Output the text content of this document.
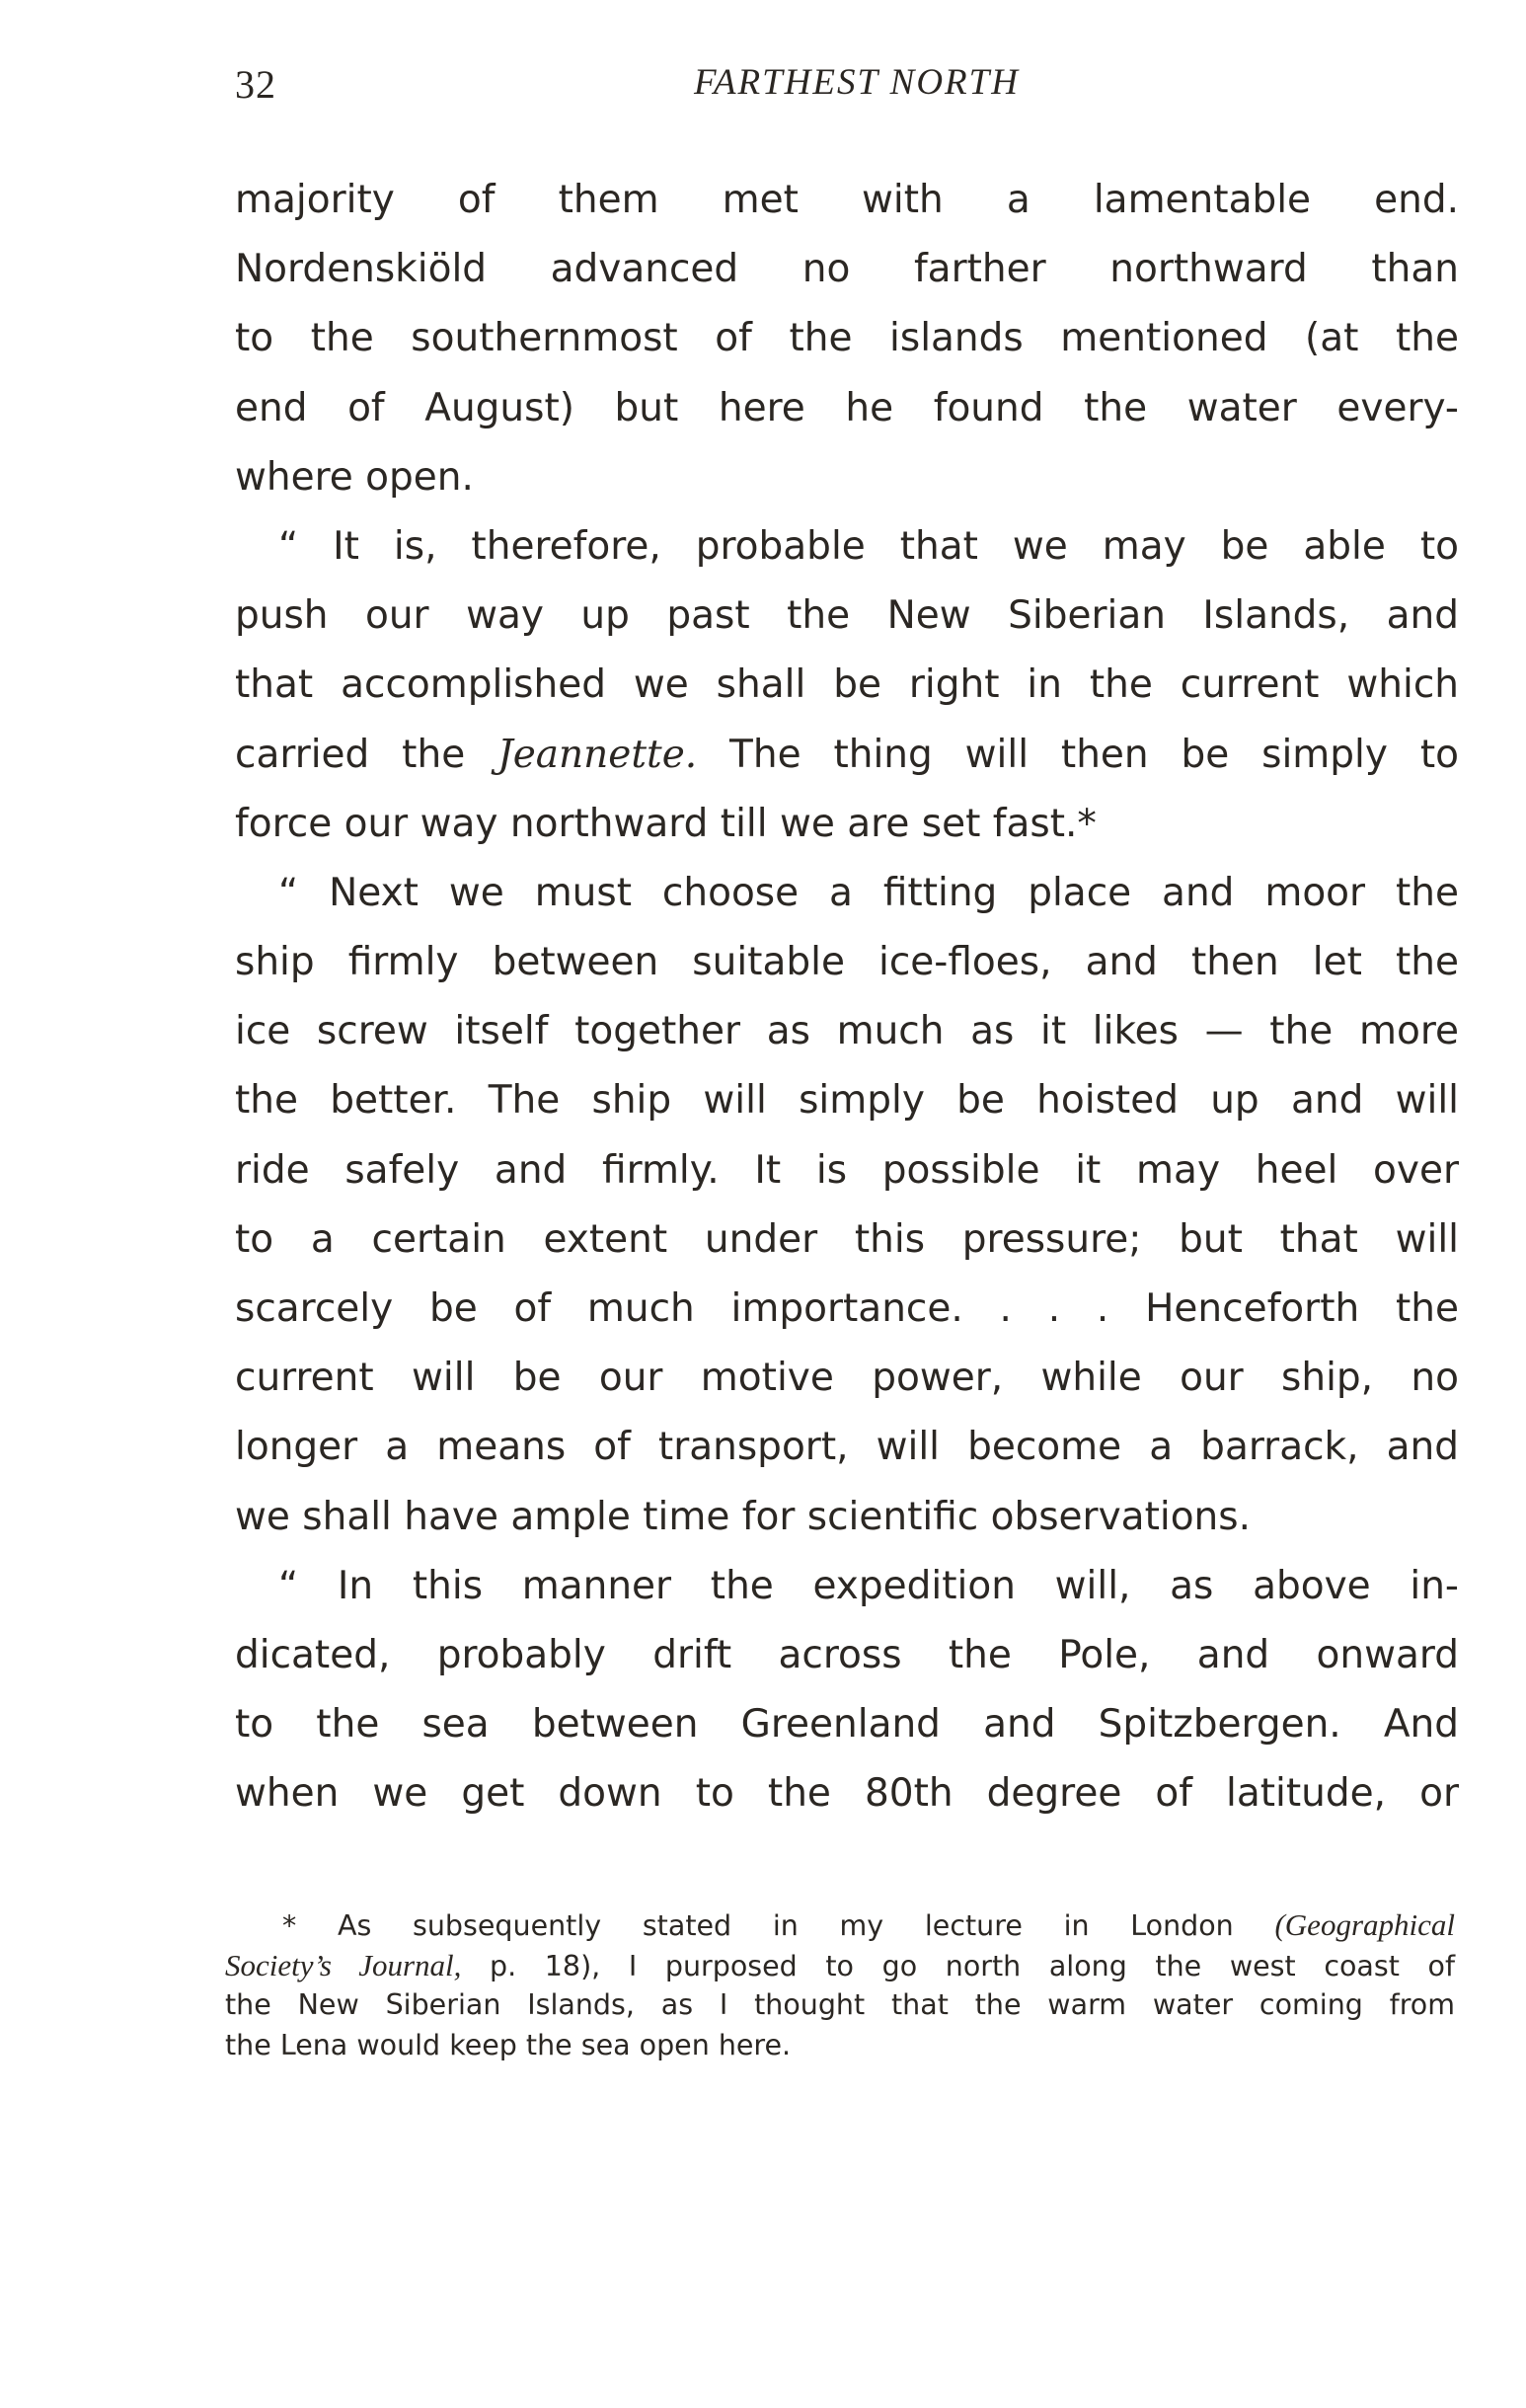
32	FARTHEST NORTH
majority of them met with a lamentable end.
Nordenskiöld advanced no farther northward than
to the southernmost of the islands mentioned (at the
end of August) but here he found the water every-
where open.
“ It is, therefore, probable that we may be able to
push our way up past the New Siberian Islands, and
that accomplished we shall be right in the current which
carried the Jeannette. The thing will then be simply to
force our way northward till we are set fast.*
“ Next we must choose a fitting place and moor the
ship firmly between suitable ice-floes, and then let the
ice screw itself together as much as it likes — the more
the better. The ship will simply be hoisted up and will
ride safely and firmly. It is possible it may heel over
to a certain extent under this pressure; but that will
scarcely be of much importance. . . . Henceforth the
current will be our motive power, while our ship, no
longer a means of transport, will become a barrack, and
we shall have ample time for scientific observations.
“ In this manner the expedition will, as above in-
dicated, probably drift across the Pole, and onward
to the sea between Greenland and Spitzbergen. And
when we get down to the 80th degree of latitude, or
* As subsequently stated in my lecture in London (Geographical
Society’s Journal, p. 18), I purposed to go north along the west coast of
the New Siberian Islands, as I thought that the warm water coming from
the Lena would keep the sea open here.
